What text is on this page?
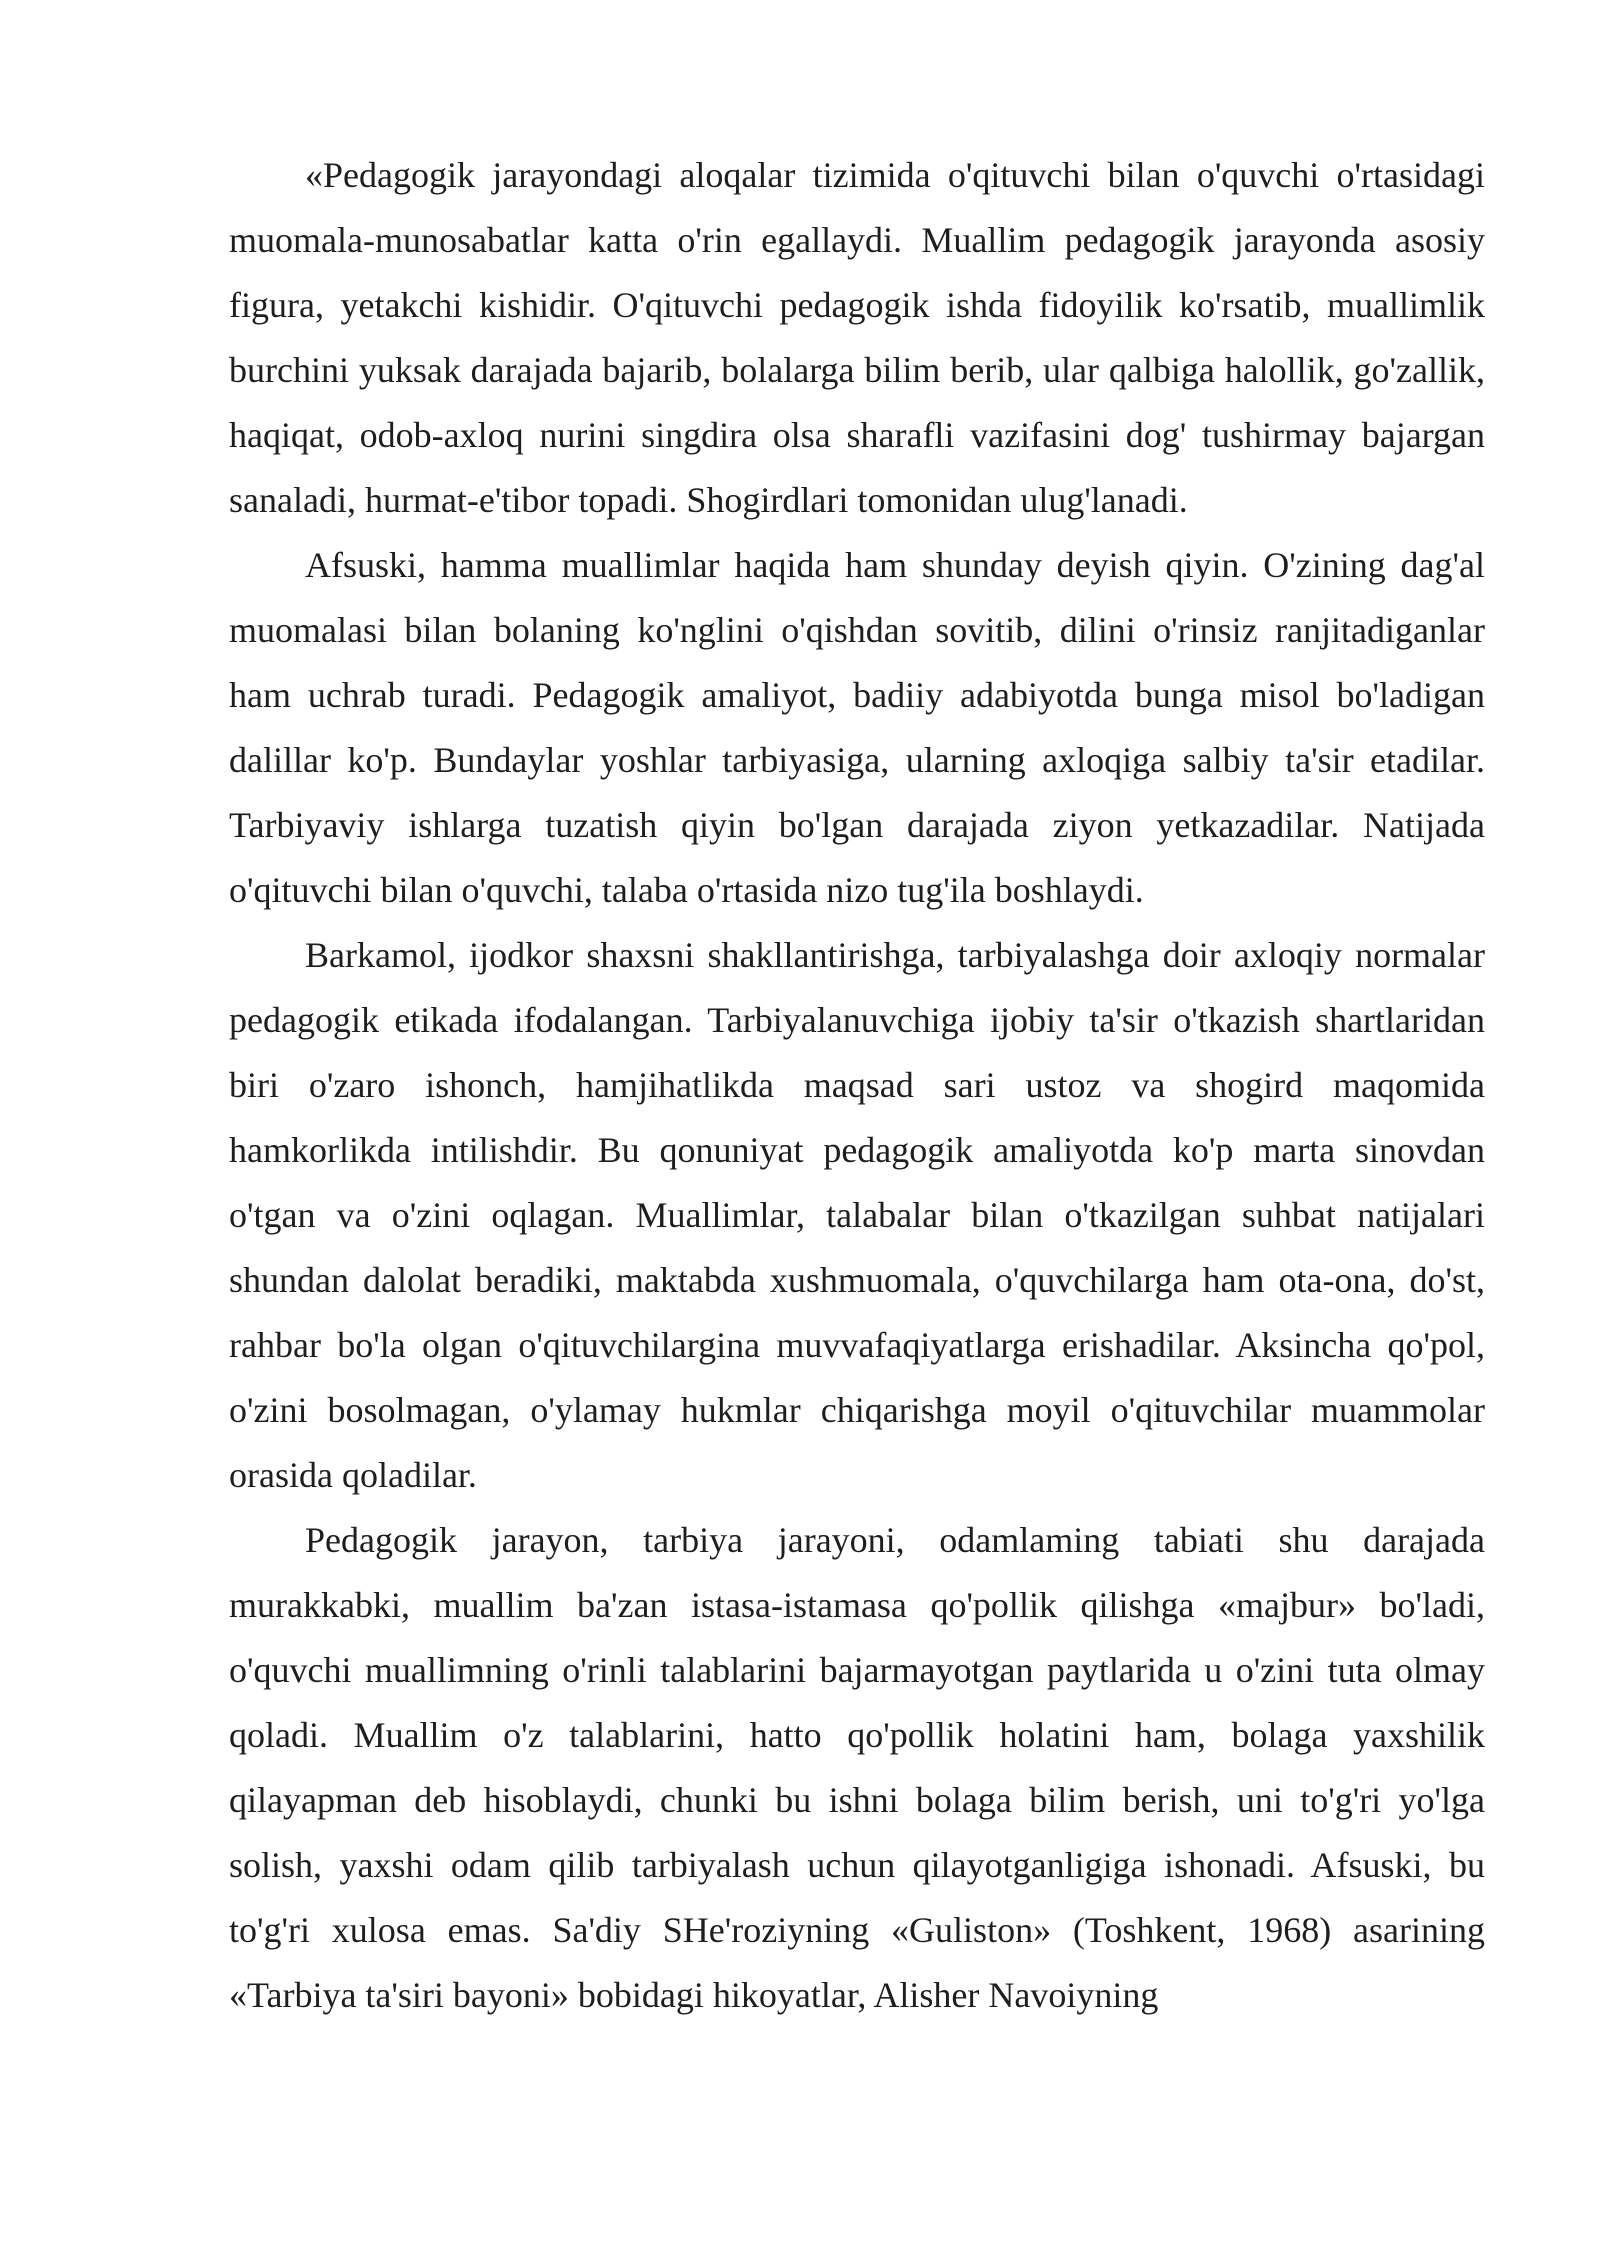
«Pedagogik jarayondagi aloqalar tizimida o'qituvchi bilan o'quvchi o'rtasidagi muomala-munosabatlar katta o'rin egallaydi. Muallim pedagogik jarayonda asosiy figura, yetakchi kishidir. O'qituvchi pedagogik ishda fidoyilik ko'rsatib, muallimlik burchini yuksak darajada bajarib, bolalarga bilim berib, ular qalbiga halollik, go'zallik, haqiqat, odob-axloq nurini singdira olsa sharafli vazifasini dog' tushirmay bajargan sanaladi, hurmat-e'tibor topadi. Shogirdlari tomonidan ulug'lanadi.

Afsuski, hamma muallimlar haqida ham shunday deyish qiyin. O'zining dag'al muomalasi bilan bolaning ko'nglini o'qishdan sovitib, dilini o'rinsiz ranjitadiganlar ham uchrab turadi. Pedagogik amaliyot, badiiy adabiyotda bunga misol bo'ladigan dalillar ko'p. Bundaylar yoshlar tarbiyasiga, ularning axloqiga salbiy ta'sir etadilar. Tarbiyaviy ishlarga tuzatish qiyin bo'lgan darajada ziyon yetkazadilar. Natijada o'qituvchi bilan o'quvchi, talaba o'rtasida nizo tug'ila boshlaydi.

Barkamol, ijodkor shaxsni shakllantirishga, tarbiyalashga doir axloqiy normalar pedagogik etikada ifodalangan. Tarbiyalanuvchiga ijobiy ta'sir o'tkazish shartlaridan biri o'zaro ishonch, hamjihatlikda maqsad sari ustoz va shogird maqomida hamkorlikda intilishdir. Bu qonuniyat pedagogik amaliyotda ko'p marta sinovdan o'tgan va o'zini oqlagan. Muallimlar, talabalar bilan o'tkazilgan suhbat natijalari shundan dalolat beradiki, maktabda xushmuomala, o'quvchilarga ham ota-ona, do'st, rahbar bo'la olgan o'qituvchilargina muvvafaqiyatlarga erishadilar. Aksincha qo'pol, o'zini bosolmagan, o'ylamay hukmlar chiqarishga moyil o'qituvchilar muammolar orasida qoladilar.

Pedagogik jarayon, tarbiya jarayoni, odamlaming tabiati shu darajada murakkabki, muallim ba'zan istasa-istamasa qo'pollik qilishga «majbur» bo'ladi, o'quvchi muallimning o'rinli talablarini bajarmayotgan paytlarida u o'zini tuta olmay qoladi. Muallim o'z talablarini, hatto qo'pollik holatini ham, bolaga yaxshilik qilayapman deb hisoblaydi, chunki bu ishni bolaga bilim berish, uni to'g'ri yo'lga solish, yaxshi odam qilib tarbiyalash uchun qilayotganligiga ishonadi. Afsuski, bu to'g'ri xulosa emas. Sa'diy SHe'roziyning «Guliston» (Toshkent, 1968) asarining «Tarbiya ta'siri bayoni» bobidagi hikoyatlar, Alisher Navoiyning
